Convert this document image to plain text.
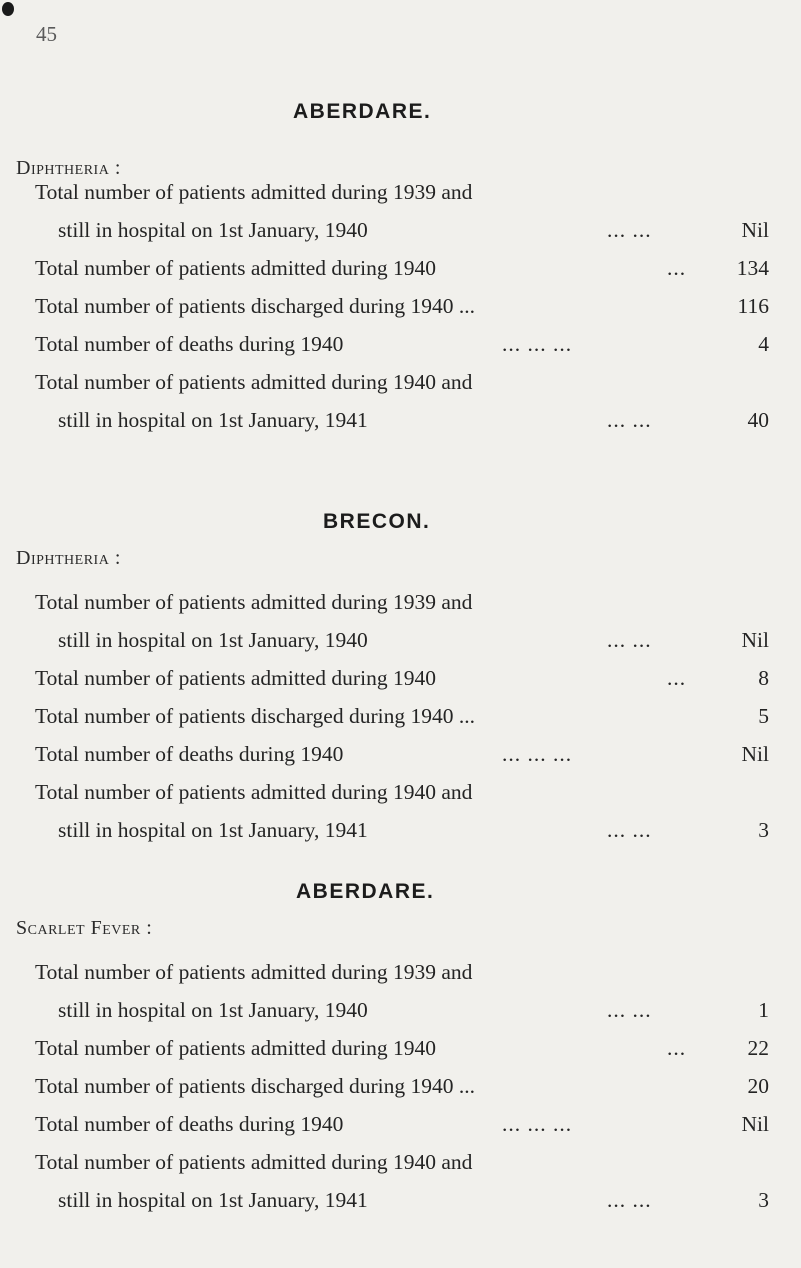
45
ABERDARE.
Diphtheria :
Total number of patients admitted during 1939 and
still in hospital on 1st January, 1940	... ...	Nil
Total number of patients admitted during 1940	...	134
Total number of patients discharged during 1940 ...	116
Total number of deaths during 1940	... ... ...	4
Total number of patients admitted during 1940 and
still in hospital on 1st January, 1941	... ...	40
BRECON.
Diphtheria :
Total number of patients admitted during 1939 and
still in hospital on 1st January, 1940	... ...	Nil
Total number of patients admitted during 1940	...	8
Total number of patients discharged during 1940 ...	5
Total number of deaths during 1940	... ... ...	Nil
Total number of patients admitted during 1940 and
still in hospital on 1st January, 1941	... ...	3
ABERDARE.
Scarlet Fever :
Total number of patients admitted during 1939 and
still in hospital on 1st January, 1940	... ...	1
Total number of patients admitted during 1940	...	22
Total number of patients discharged during 1940 ...	20
Total number of deaths during 1940	... ... ...	Nil
Total number of patients admitted during 1940 and
still in hospital on 1st January, 1941	... ...	3
